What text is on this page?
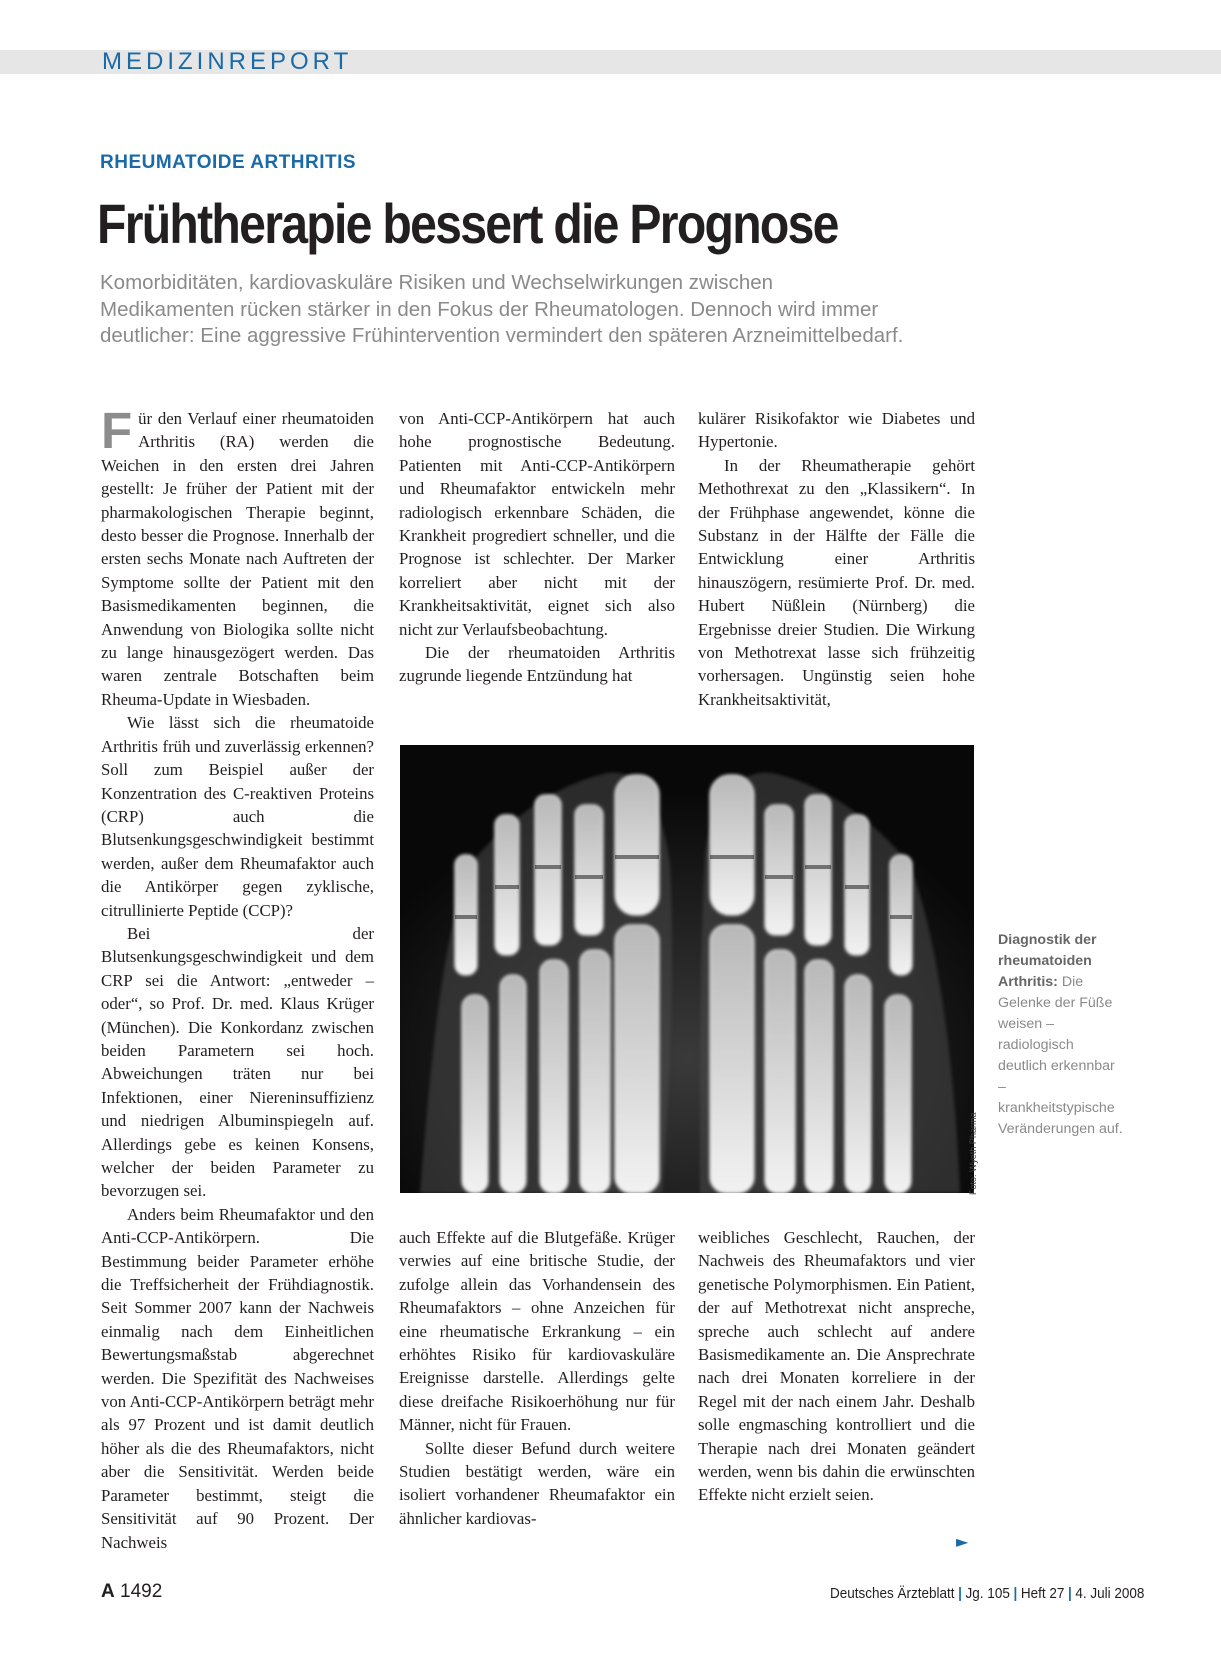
MEDIZINREPORT
RHEUMATOIDE ARTHRITIS
Frühtherapie bessert die Prognose
Komorbiditäten, kardiovaskuläre Risiken und Wechselwirkungen zwischen
Medikamenten rücken stärker in den Fokus der Rheumatologen. Dennoch wird immer
deutlicher: Eine aggressive Frühintervention vermindert den späteren Arzneimittelbedarf.

Für den Verlauf einer rheumatoiden Arthritis (RA) werden die Weichen in den ersten drei Jahren gestellt: Je früher der Patient mit der pharmakologischen Therapie beginnt, desto besser die Prognose. Innerhalb der ersten sechs Monate nach Auftreten der Symptome sollte der Patient mit den Basismedikamenten beginnen, die Anwendung von Biologika sollte nicht zu lange hinausgezögert werden. Das waren zentrale Botschaften beim Rheuma-Update in Wiesbaden.

Wie lässt sich die rheumatoide Arthritis früh und zuverlässig erkennen? Soll zum Beispiel außer der Konzentration des C-reaktiven Proteins (CRP) auch die Blutsenkungsgeschwindigkeit bestimmt werden, außer dem Rheumafaktor auch die Antikörper gegen zyklische, citrullinierte Peptide (CCP)?

Bei der Blutsenkungsgeschwindigkeit und dem CRP sei die Antwort: „entweder – oder“, so Prof. Dr. med. Klaus Krüger (München). Die Konkordanz zwischen beiden Parametern sei hoch. Abweichungen träten nur bei Infektionen, einer Niereninsuffizienz und niedrigen Albuminspiegeln auf. Allerdings gebe es keinen Konsens, welcher der beiden Parameter zu bevorzugen sei.

Anders beim Rheumafaktor und den Anti-CCP-Antikörpern. Die Bestimmung beider Parameter erhöhe die Treffsicherheit der Frühdiagnostik. Seit Sommer 2007 kann der Nachweis einmalig nach dem Einheitlichen Bewertungsmaßstab abgerechnet werden. Die Spezifität des Nachweises von Anti-CCP-Antikörpern beträgt mehr als 97 Prozent und ist damit deutlich höher als die des Rheumafaktors, nicht aber die Sensitivität. Werden beide Parameter bestimmt, steigt die Sensitivität auf 90 Prozent. Der Nachweis

von Anti-CCP-Antikörpern hat auch hohe prognostische Bedeutung. Patienten mit Anti-CCP-Antikörpern und Rheumafaktor entwickeln mehr radiologisch erkennbare Schäden, die Krankheit progrediert schneller, und die Prognose ist schlechter. Der Marker korreliert aber nicht mit der Krankheitsaktivität, eignet sich also nicht zur Verlaufsbeobachtung.

Die der rheumatoiden Arthritis zugrunde liegende Entzündung hat

kulärer Risikofaktor wie Diabetes und Hypertonie.

In der Rheumatherapie gehört Methothrexat zu den „Klassikern“. In der Frühphase angewendet, könne die Substanz in der Hälfte der Fälle die Entwicklung einer Arthritis hinauszögern, resümierte Prof. Dr. med. Hubert Nüßlein (Nürnberg) die Ergebnisse dreier Studien. Die Wirkung von Methotrexat lasse sich frühzeitig vorhersagen. Ungünstig seien hohe Krankheitsaktivität,

Foto: Wyeth Pharma
Diagnostik der rheumatoiden Arthritis: Die Gelenke der Füße weisen – radiologisch deutlich erkennbar – krankheitstypische Veränderungen auf.

auch Effekte auf die Blutgefäße. Krüger verwies auf eine britische Studie, der zufolge allein das Vorhandensein des Rheumafaktors – ohne Anzeichen für eine rheumatische Erkrankung – ein erhöhtes Risiko für kardiovaskuläre Ereignisse darstelle. Allerdings gelte diese dreifache Risikoerhöhung nur für Männer, nicht für Frauen.

Sollte dieser Befund durch weitere Studien bestätigt werden, wäre ein isoliert vorhandener Rheumafaktor ein ähnlicher kardiovas-

weibliches Geschlecht, Rauchen, der Nachweis des Rheumafaktors und vier genetische Polymorphismen. Ein Patient, der auf Methotrexat nicht anspreche, spreche auch schlecht auf andere Basismedikamente an. Die Ansprechrate nach drei Monaten korreliere in der Regel mit der nach einem Jahr. Deshalb solle engmasching kontrolliert und die Therapie nach drei Monaten geändert werden, wenn bis dahin die erwünschten Effekte nicht erzielt seien.

►
A 1492	Deutsches Ärzteblatt | Jg. 105 | Heft 27 | 4. Juli 2008
